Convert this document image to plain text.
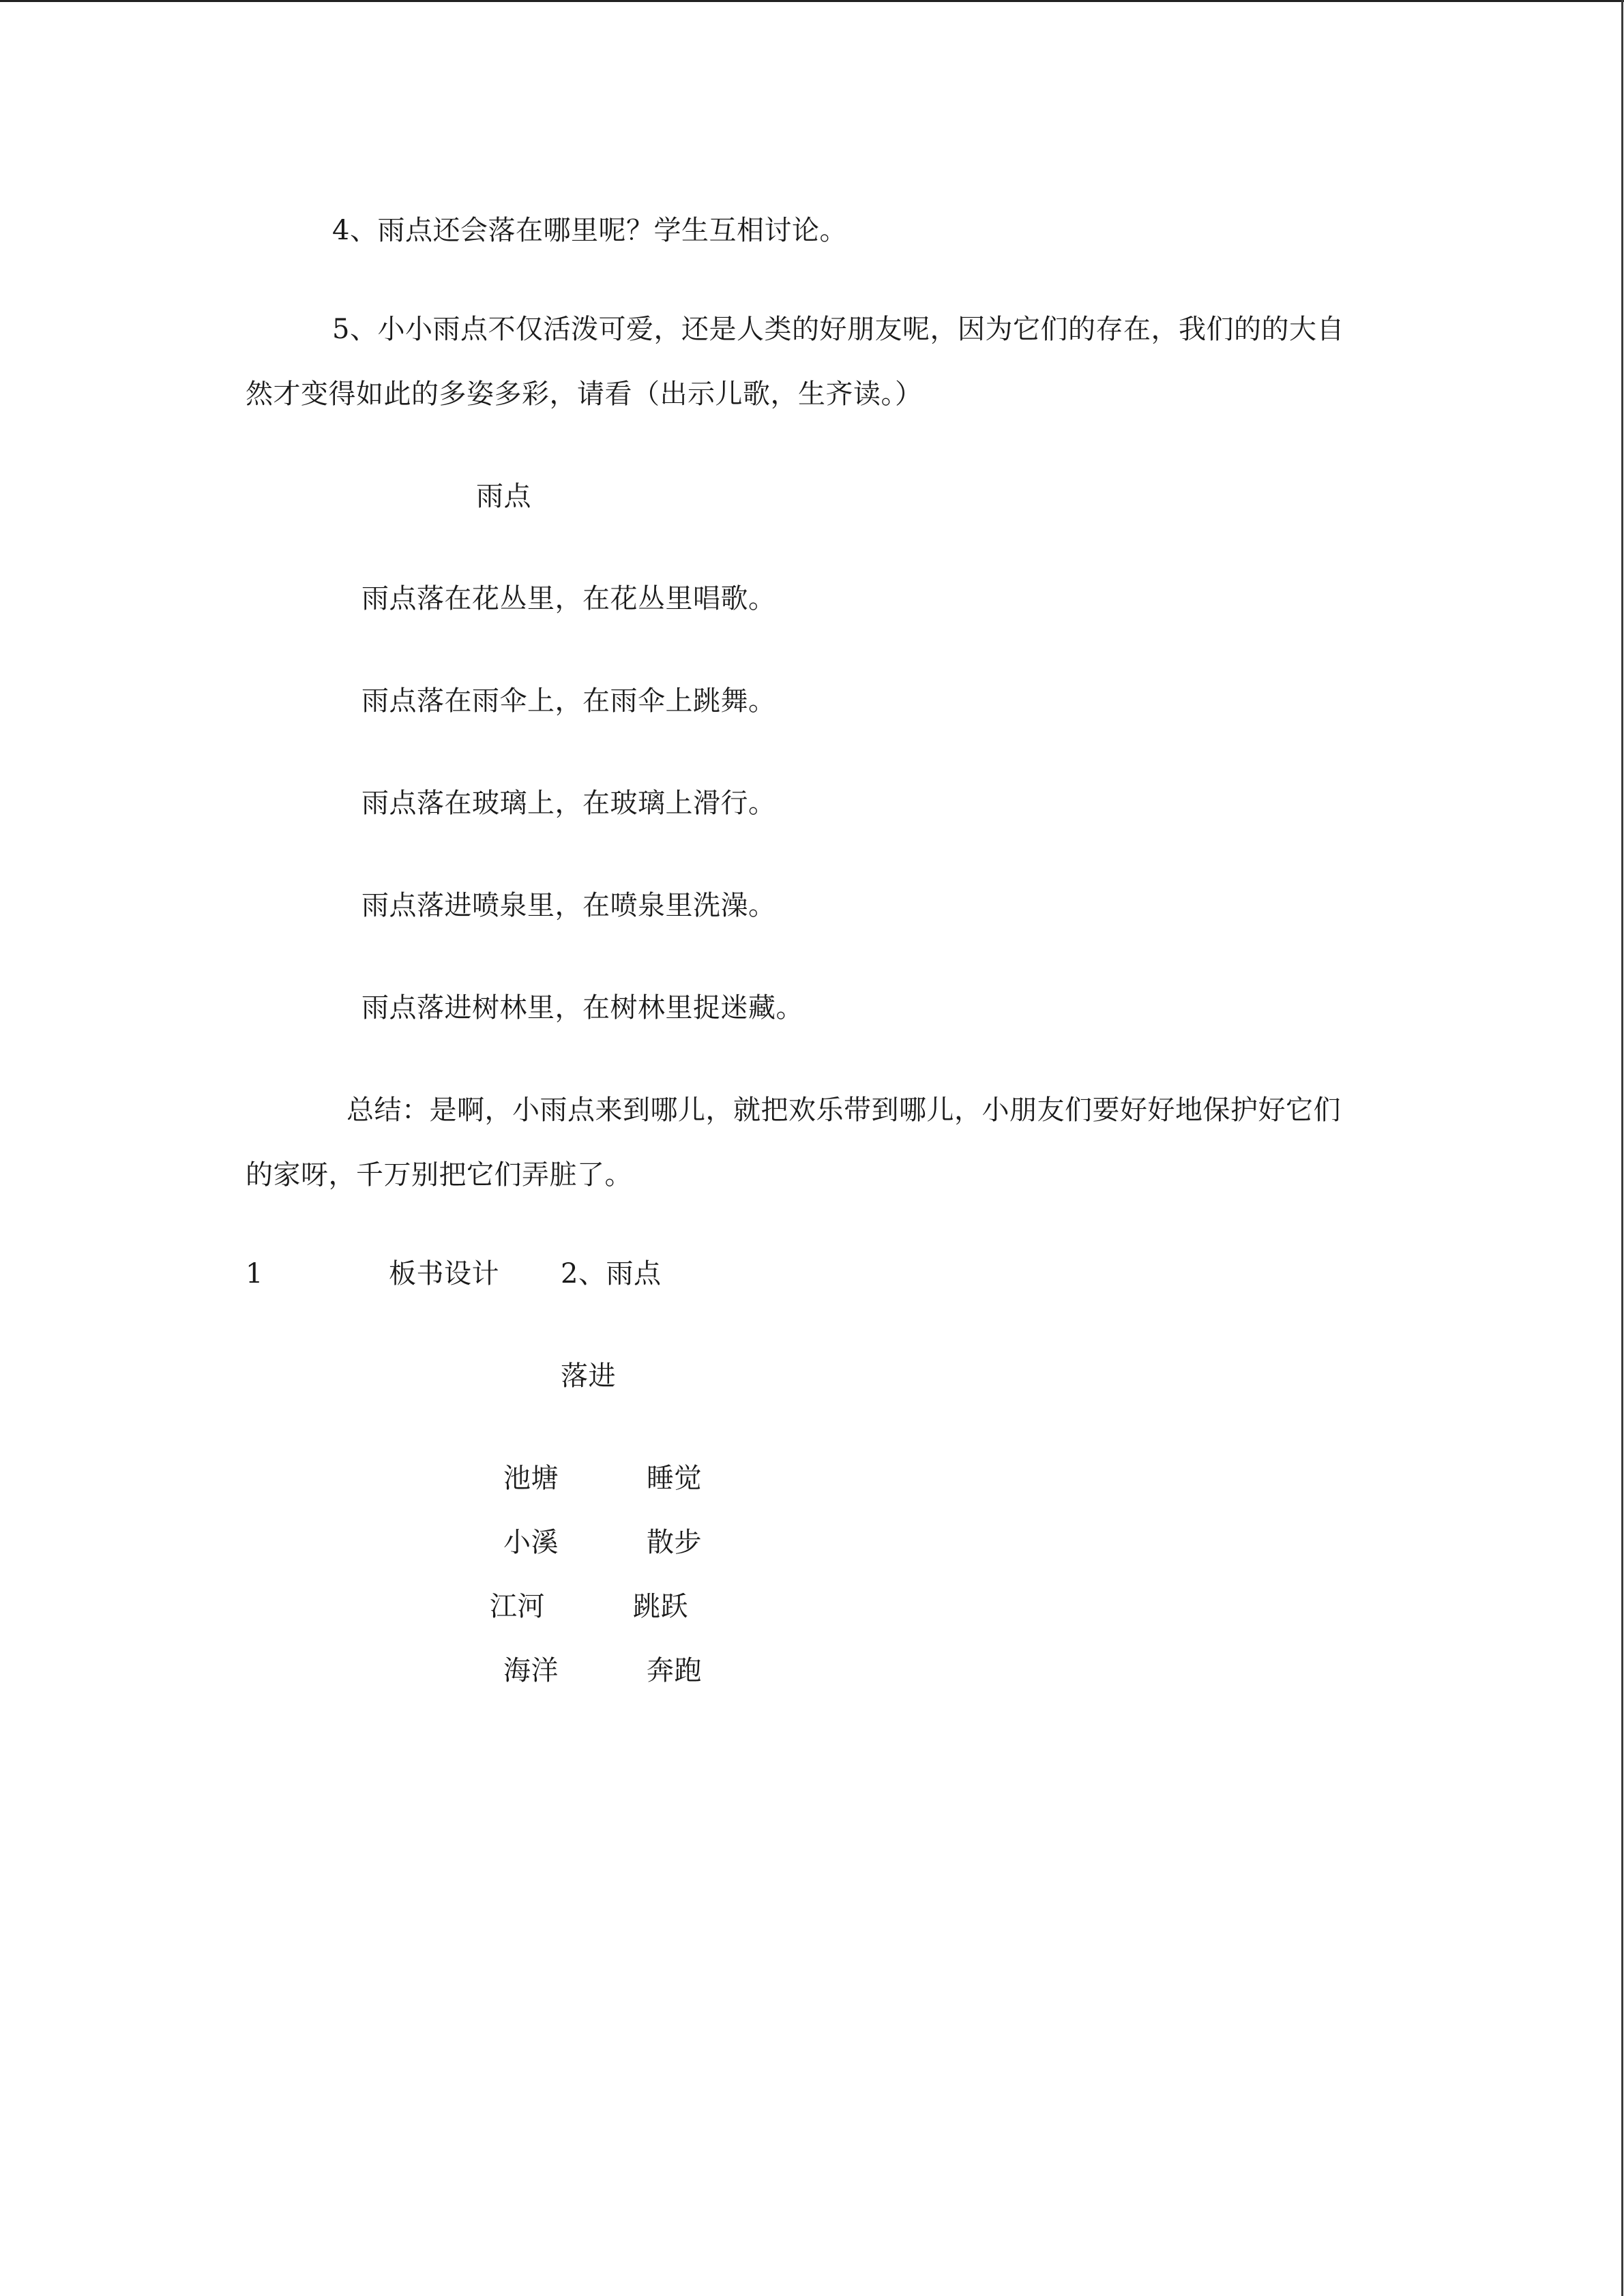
4、雨点还会落在哪里呢？学生互相讨论。
5、小小雨点不仅活泼可爱，还是人类的好朋友呢，因为它们的存在，我们的的大自
然才变得如此的多姿多彩，请看（出示儿歌，生齐读。）
雨点
雨点落在花丛里，在花丛里唱歌。
雨点落在雨伞上，在雨伞上跳舞。
雨点落在玻璃上，在玻璃上滑行。
雨点落进喷泉里，在喷泉里洗澡。
雨点落进树林里，在树林里捉迷藏。
总结：是啊，小雨点来到哪儿，就把欢乐带到哪儿，小朋友们要好好地保护好它们
的家呀，千万别把它们弄脏了。
1	板书设计 2、雨点
落进
池塘	睡觉
小溪	散步
江河	跳跃
海洋	奔跑
